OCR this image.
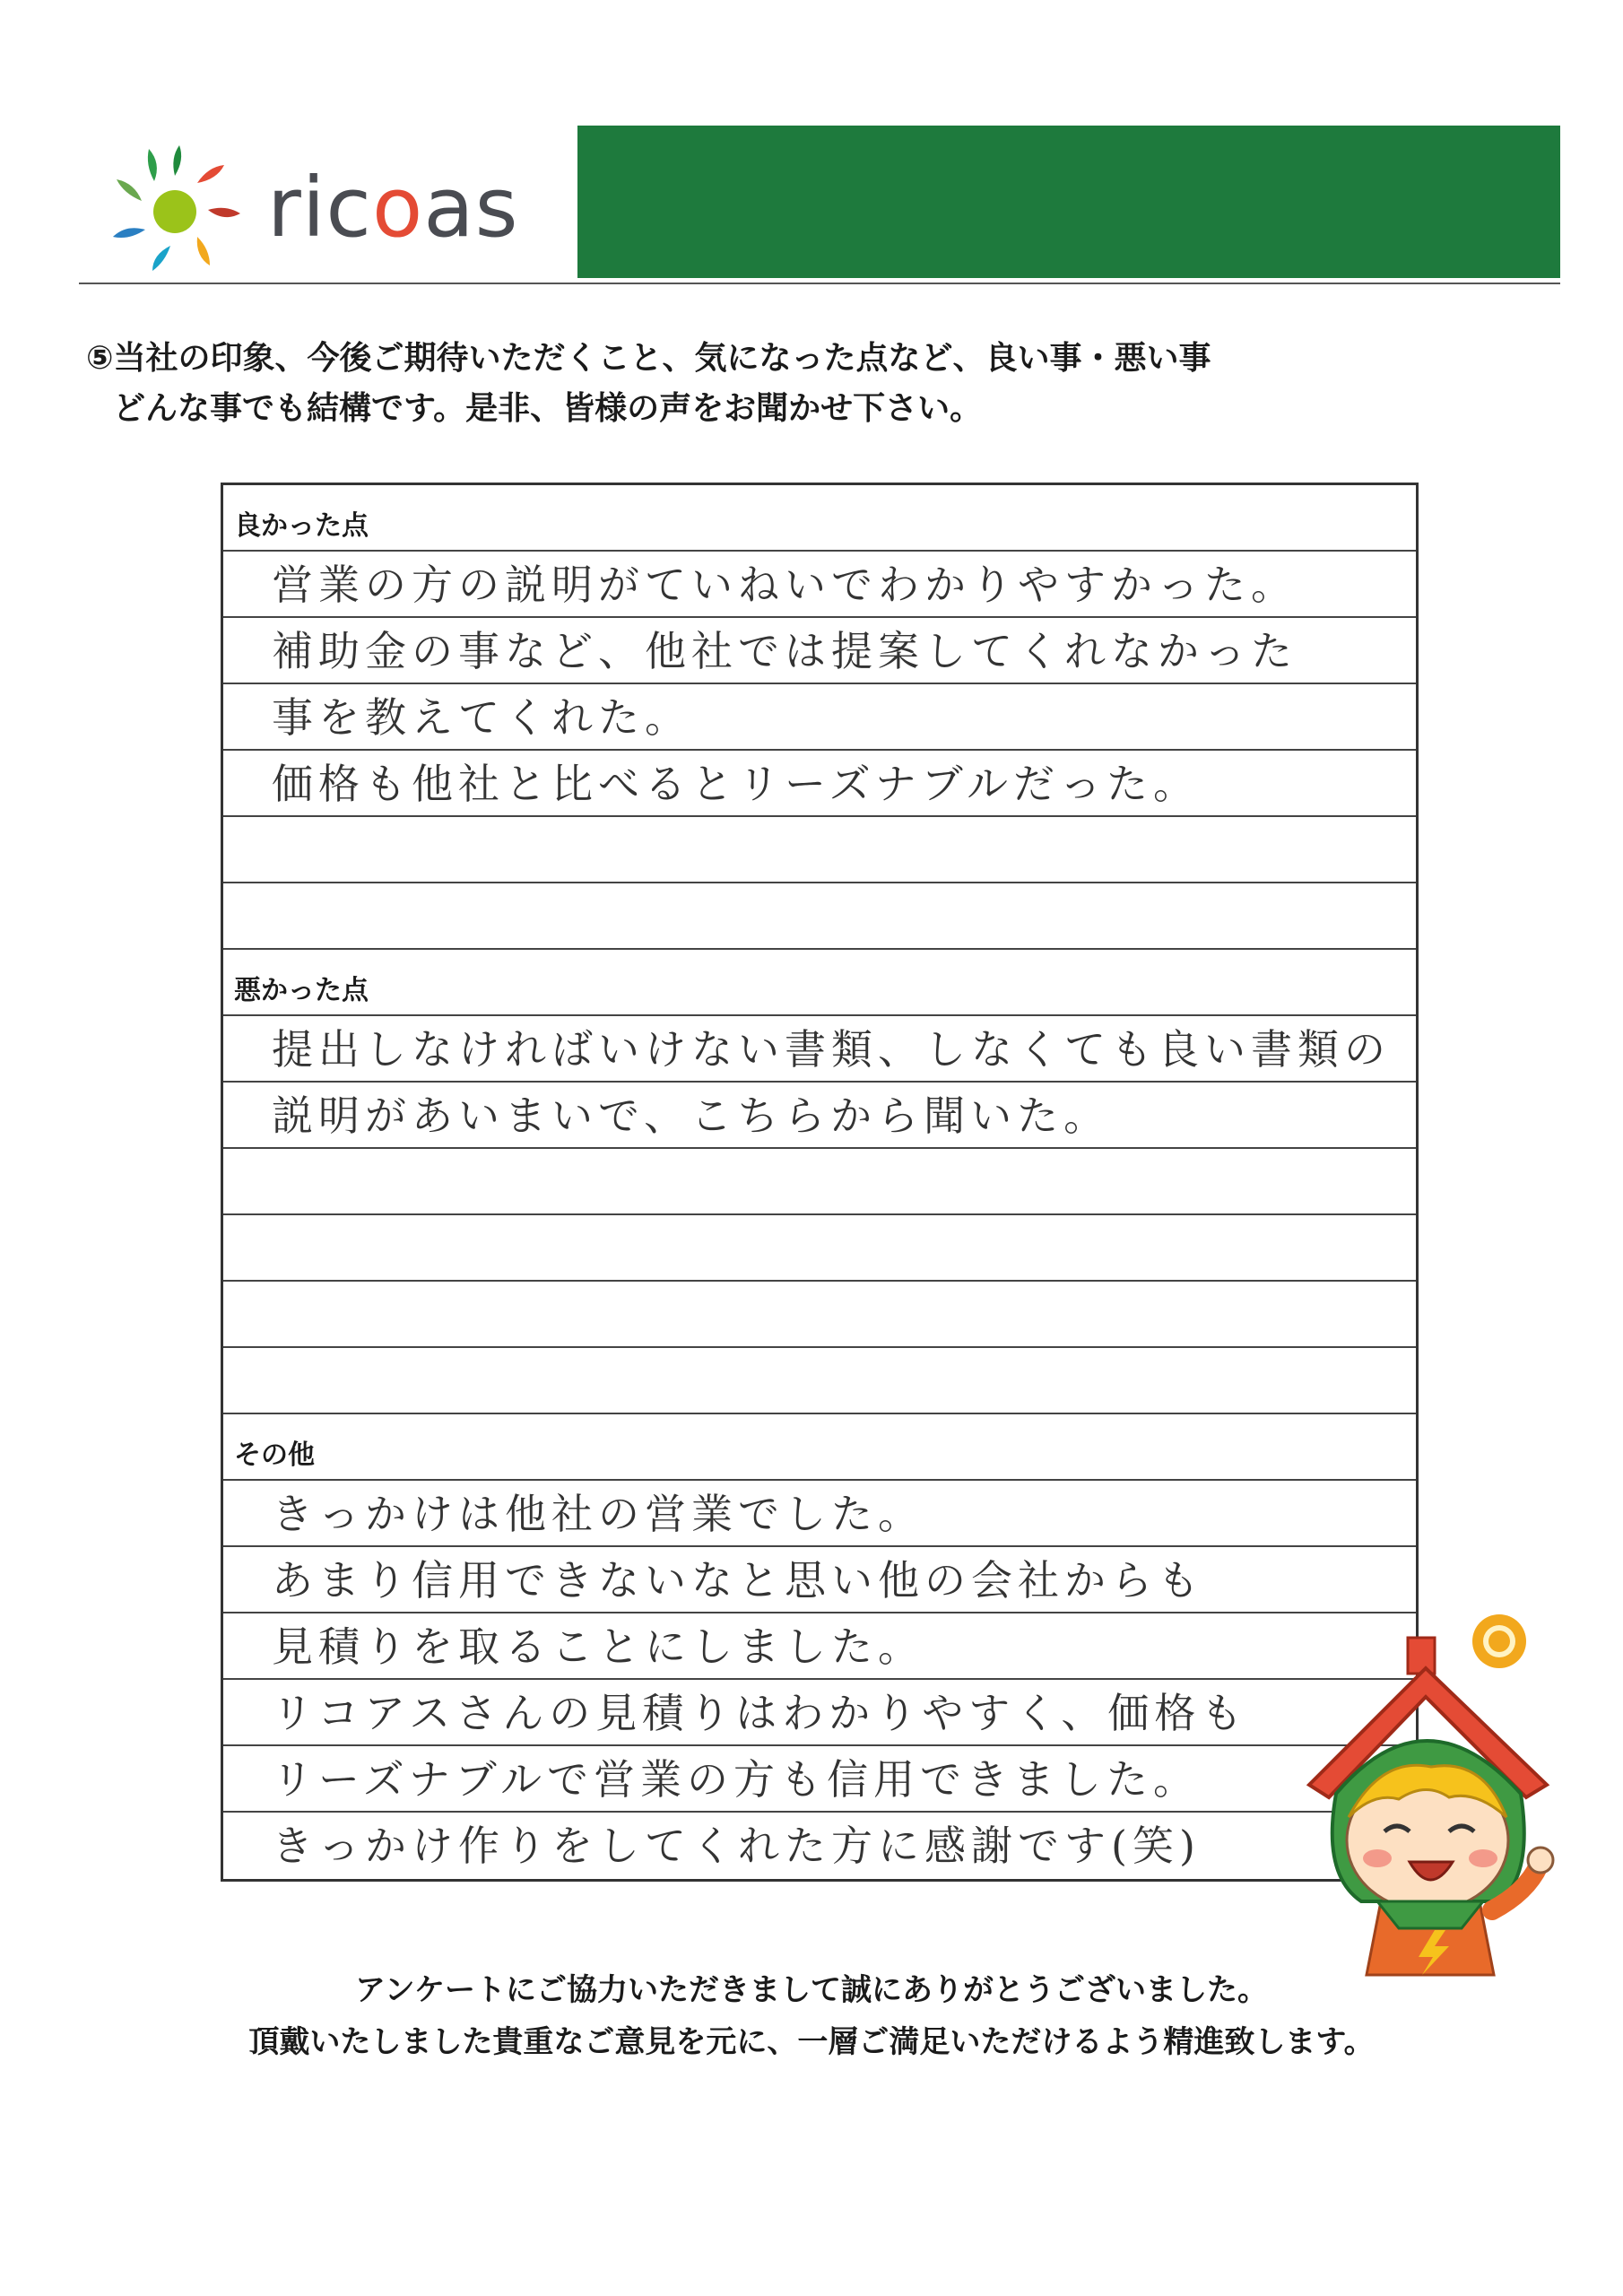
ricoas
⑤当社の印象、今後ご期待いただくこと、気になった点など、良い事・悪い事
どんな事でも結構です。是非、皆様の声をお聞かせ下さい。
良かった点
営業の方の説明がていねいでわかりやすかった。
補助金の事など、他社では提案してくれなかった
事を教えてくれた。
価格も他社と比べるとリーズナブルだった。
悪かった点
提出しなければいけない書類、しなくても良い書類の
説明があいまいで、こちらから聞いた。
その他
きっかけは他社の営業でした。
あまり信用できないなと思い他の会社からも
見積りを取ることにしました。
リコアスさんの見積りはわかりやすく、価格も
リーズナブルで営業の方も信用できました。
きっかけ作りをしてくれた方に感謝です(笑)
アンケートにご協力いただきまして誠にありがとうございました。
頂戴いたしました貴重なご意見を元に、一層ご満足いただけるよう精進致します。
